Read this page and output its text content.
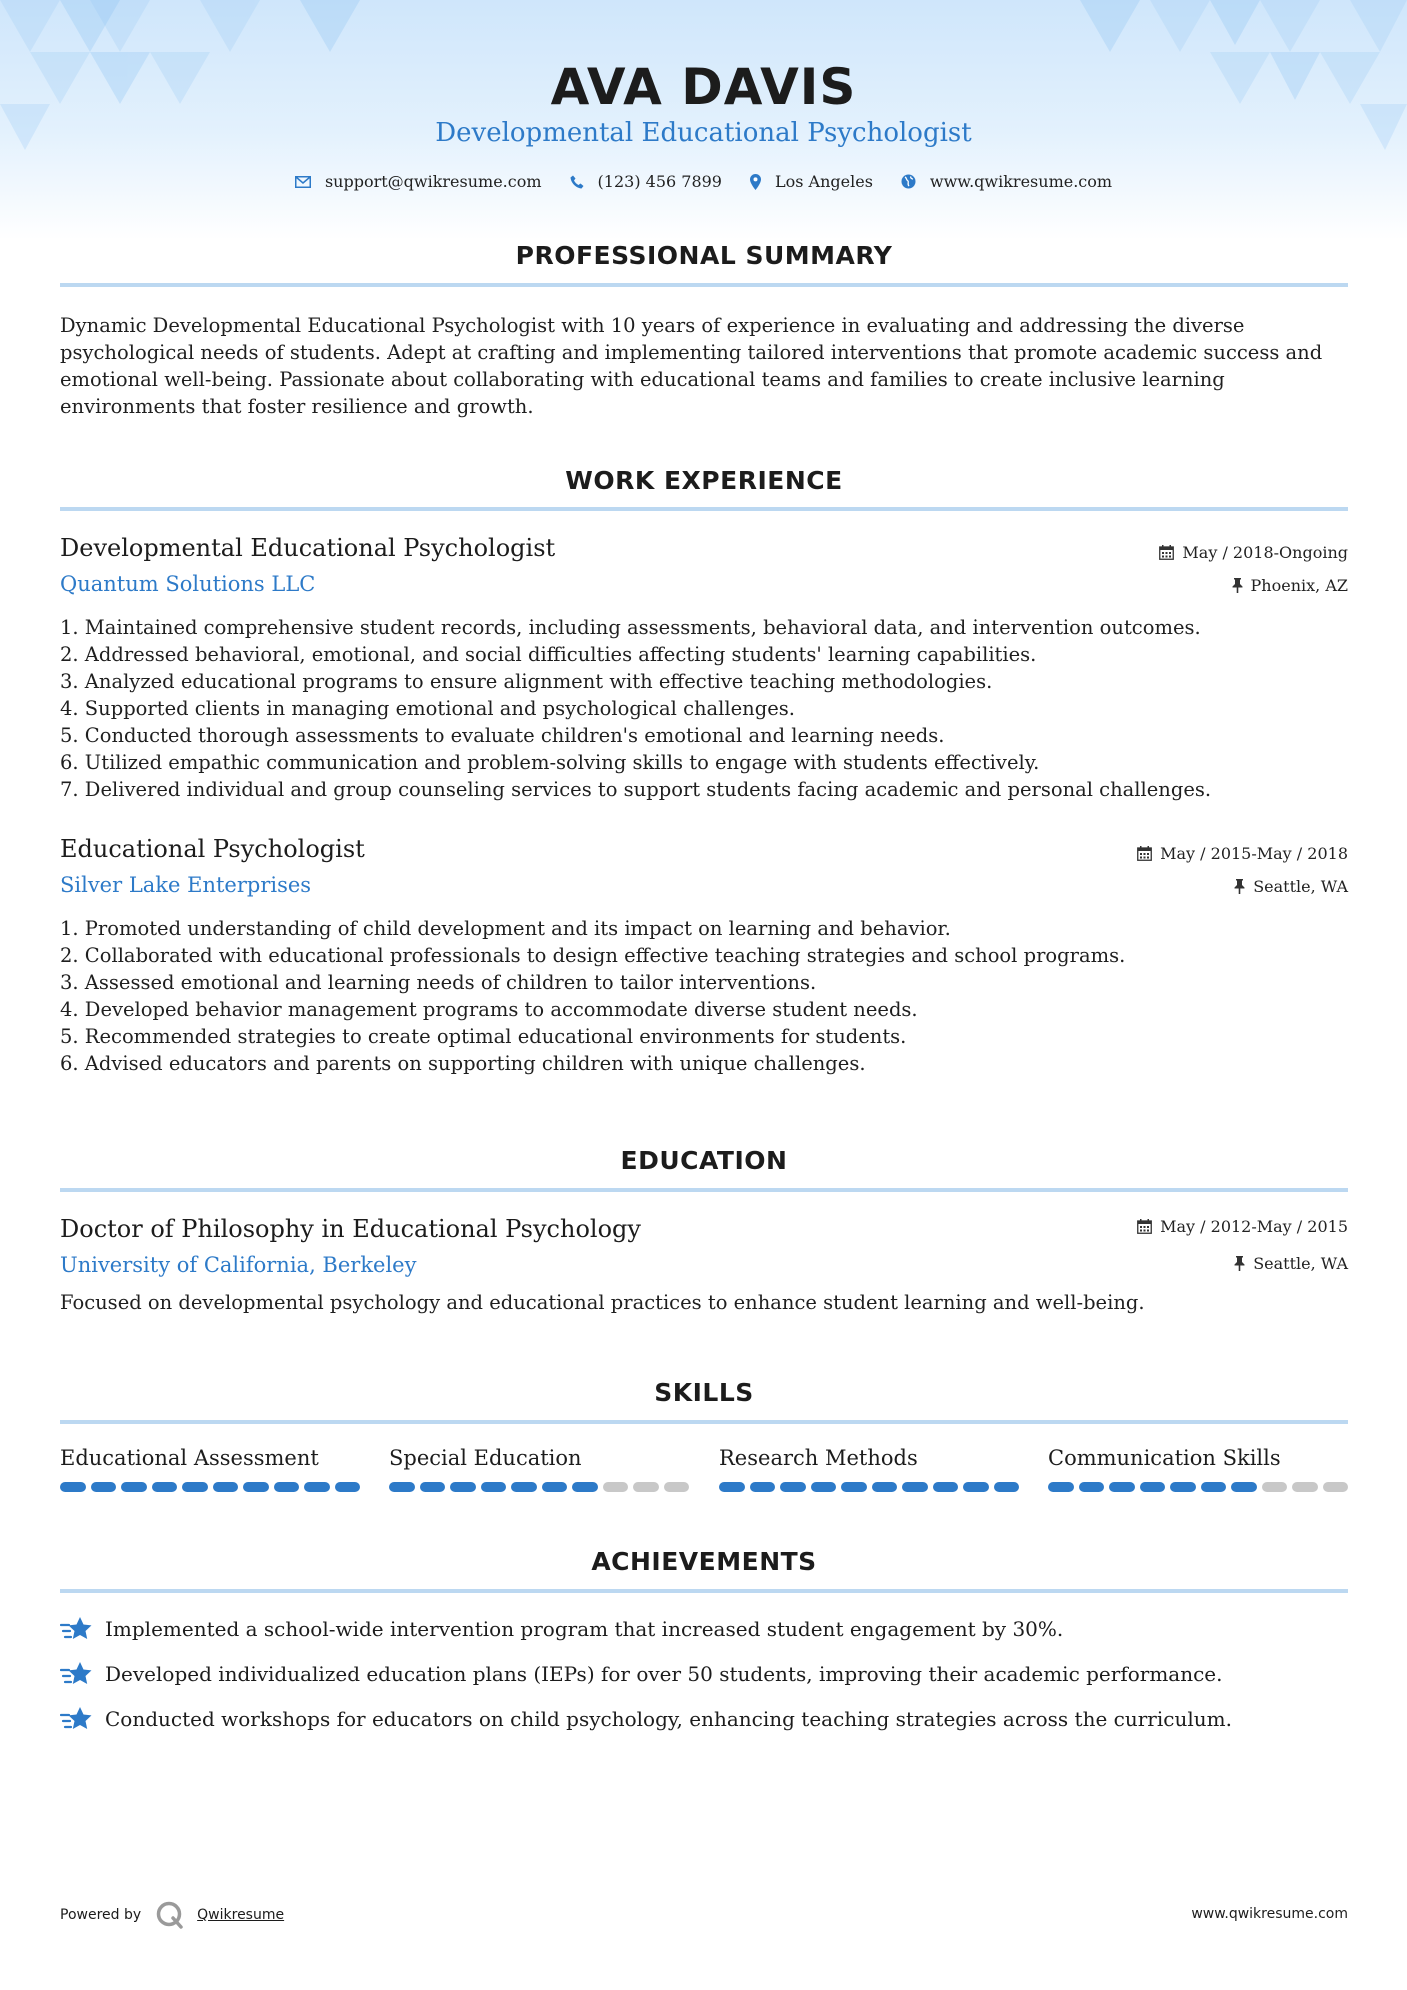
AVA DAVIS
Developmental Educational Psychologist
support@qwikresume.com	(123) 456 7899	Los Angeles	www.qwikresume.com
PROFESSIONAL SUMMARY
Dynamic Developmental Educational Psychologist with 10 years of experience in evaluating and addressing the diverse psychological needs of students. Adept at crafting and implementing tailored interventions that promote academic success and emotional well-being. Passionate about collaborating with educational teams and families to create inclusive learning environments that foster resilience and growth.
WORK EXPERIENCE
Developmental Educational Psychologist	May / 2018-Ongoing
Quantum Solutions LLC	Phoenix, AZ
1. Maintained comprehensive student records, including assessments, behavioral data, and intervention outcomes.
2. Addressed behavioral, emotional, and social difficulties affecting students' learning capabilities.
3. Analyzed educational programs to ensure alignment with effective teaching methodologies.
4. Supported clients in managing emotional and psychological challenges.
5. Conducted thorough assessments to evaluate children's emotional and learning needs.
6. Utilized empathic communication and problem-solving skills to engage with students effectively.
7. Delivered individual and group counseling services to support students facing academic and personal challenges.
Educational Psychologist	May / 2015-May / 2018
Silver Lake Enterprises	Seattle, WA
1. Promoted understanding of child development and its impact on learning and behavior.
2. Collaborated with educational professionals to design effective teaching strategies and school programs.
3. Assessed emotional and learning needs of children to tailor interventions.
4. Developed behavior management programs to accommodate diverse student needs.
5. Recommended strategies to create optimal educational environments for students.
6. Advised educators and parents on supporting children with unique challenges.
EDUCATION
Doctor of Philosophy in Educational Psychology	May / 2012-May / 2015
University of California, Berkeley	Seattle, WA
Focused on developmental psychology and educational practices to enhance student learning and well-being.
SKILLS
Educational Assessment	Special Education	Research Methods	Communication Skills
ACHIEVEMENTS
Implemented a school-wide intervention program that increased student engagement by 30%.
Developed individualized education plans (IEPs) for over 50 students, improving their academic performance.
Conducted workshops for educators on child psychology, enhancing teaching strategies across the curriculum.
Powered by	Qwikresume	www.qwikresume.com
